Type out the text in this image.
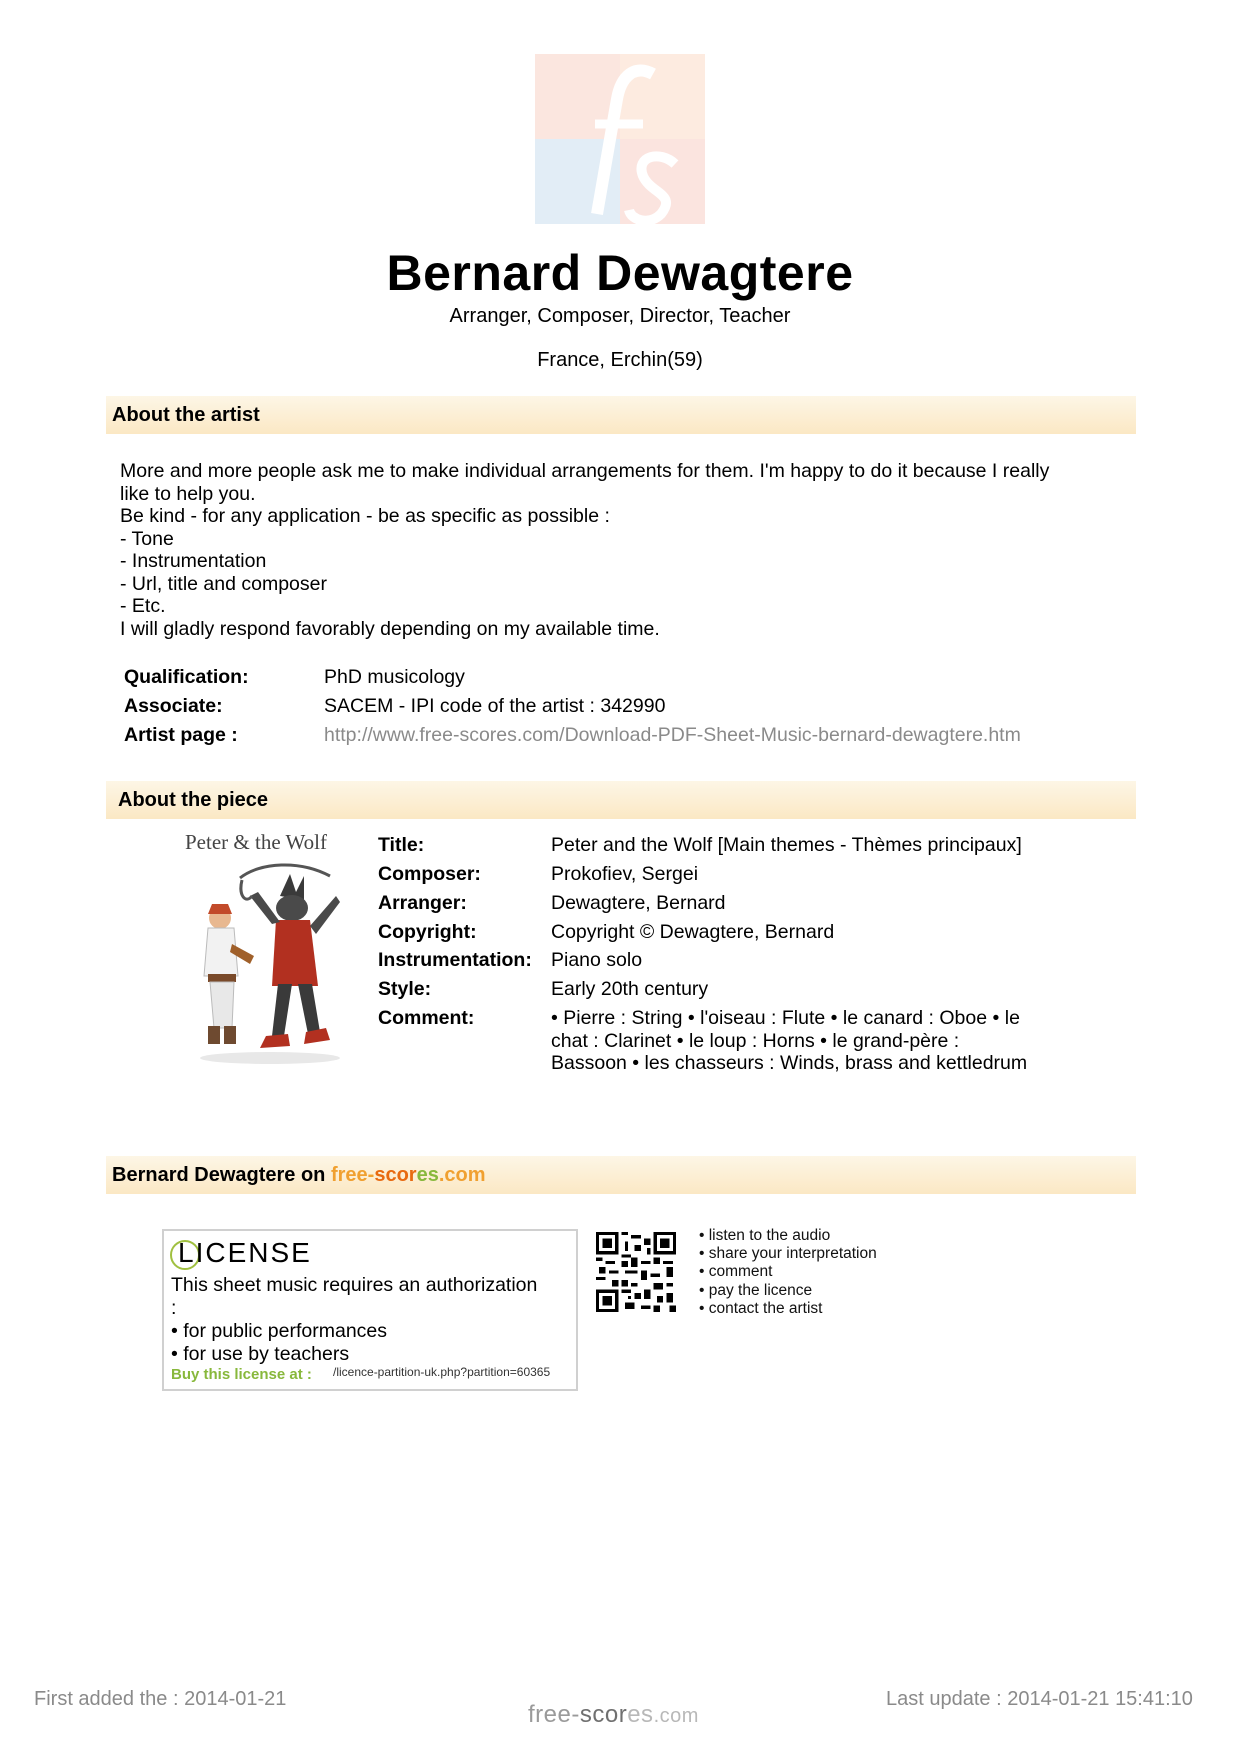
Bernard Dewagtere
Arranger, Composer, Director, Teacher
France, Erchin(59)
About the artist
More and more people ask me to make individual arrangements for them. I'm happy to do it because I really
like to help you.
Be kind - for any application - be as specific as possible :
- Tone
- Instrumentation
- Url, title and composer
- Etc.
I will gladly respond favorably depending on my available time.
Qualification:	PhD musicology
Associate:	SACEM - IPI code of the artist : 342990
Artist page :	http://www.free-scores.com/Download-PDF-Sheet-Music-bernard-dewagtere.htm
About the piece
Peter & the Wolf	Title:	Peter and the Wolf [Main themes - Thèmes principaux]
Composer:	Prokofiev, Sergei
Arranger:	Dewagtere, Bernard
Copyright:	Copyright © Dewagtere, Bernard
Instrumentation: Piano solo
Style:	Early 20th century
Comment:	• Pierre : String • l'oiseau : Flute • le canard : Oboe • le
chat : Clarinet • le loup : Horns • le grand-père :
Bassoon • les chasseurs : Winds, brass and kettledrum
Bernard Dewagtere on free-scores.com
LICENSE
This sheet music requires an authorization
:
• for public performances
• for use by teachers
Buy this license at : /licence-partition-uk.php?partition=60365
• listen to the audio
• share your interpretation
• comment
• pay the licence
• contact the artist
First added the : 2014-01-21	Last update : 2014-01-21 15:41:10
free-scores.com
